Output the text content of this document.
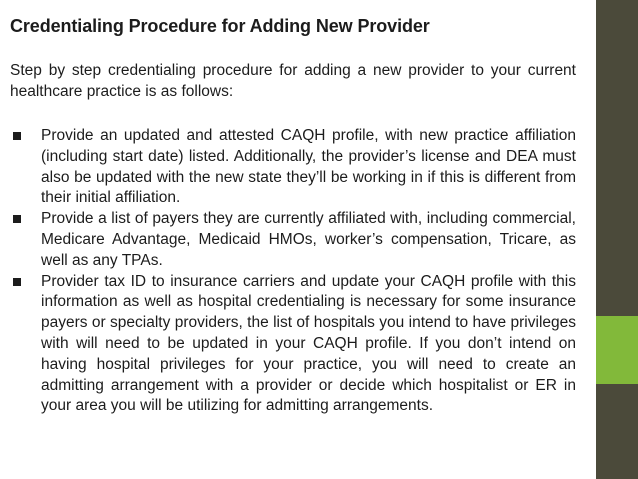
Credentialing Procedure for Adding New Provider

Step by step credentialing procedure for adding a new provider to your current healthcare practice is as follows:

Provide an updated and attested CAQH profile, with new practice affiliation (including start date) listed. Additionally, the provider’s license and DEA must also be updated with the new state they’ll be working in if this is different from their initial affiliation.
Provide a list of payers they are currently affiliated with, including commercial, Medicare Advantage, Medicaid HMOs, worker’s compensation, Tricare, as well as any TPAs.
Provider tax ID to insurance carriers and update your CAQH profile with this information as well as hospital credentialing is necessary for some insurance payers or specialty providers, the list of hospitals you intend to have privileges with will need to be updated in your CAQH profile. If you don’t intend on having hospital privileges for your practice, you will need to create an admitting arrangement with a provider or decide which hospitalist or ER in your area you will be utilizing for admitting arrangements.
